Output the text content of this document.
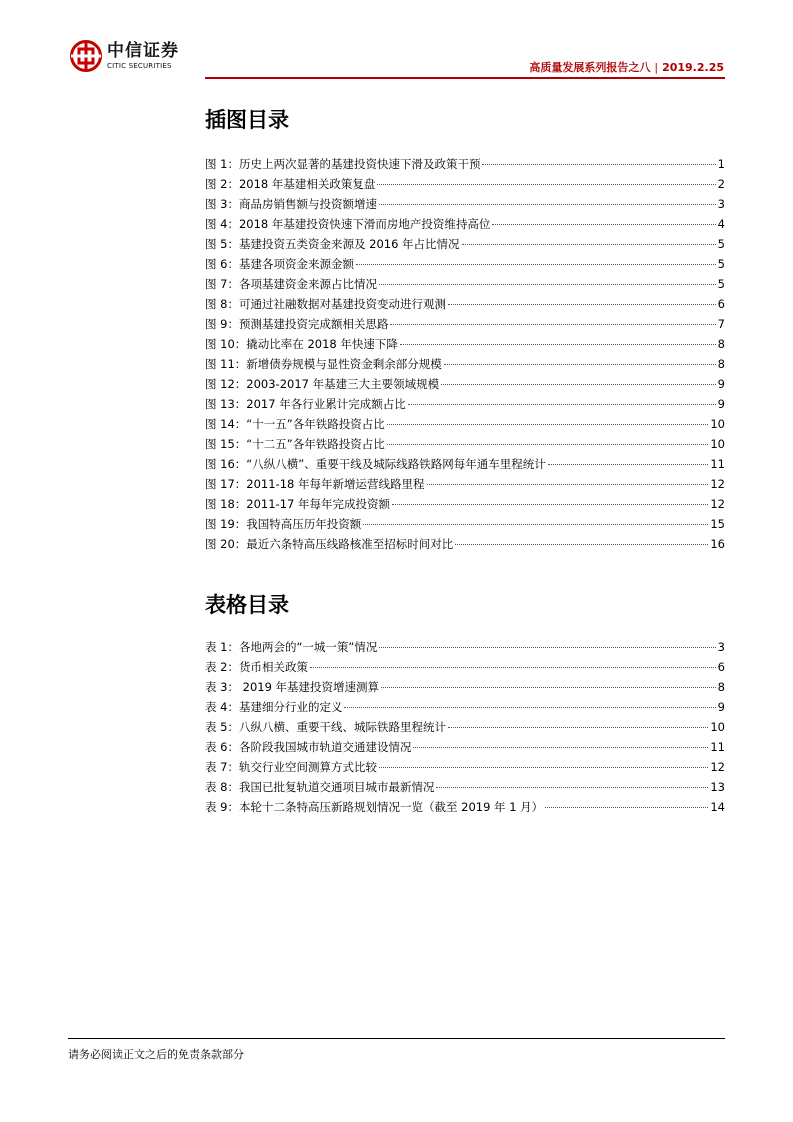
中信证券
CITIC SECURITIES	高质量发展系列报告之八 | 2019.2.25
插图目录
图 1：历史上两次显著的基建投资快速下滑及政策干预	1
图 2：2018 年基建相关政策复盘	2
图 3：商品房销售额与投资额增速	3
图 4：2018 年基建投资快速下滑而房地产投资维持高位	4
图 5：基建投资五类资金来源及 2016 年占比情况	5
图 6：基建各项资金来源金额	5
图 7：各项基建资金来源占比情况	5
图 8：可通过社融数据对基建投资变动进行观测	6
图 9：预测基建投资完成额相关思路	7
图 10：撬动比率在 2018 年快速下降	8
图 11：新增债券规模与显性资金剩余部分规模	8
图 12：2003-2017 年基建三大主要领域规模	9
图 13：2017 年各行业累计完成额占比	9
图 14：“十一五”各年铁路投资占比	10
图 15：“十二五”各年铁路投资占比	10
图 16：“八纵八横”、重要干线及城际线路铁路网每年通车里程统计	11
图 17：2011-18 年每年新增运营线路里程	12
图 18：2011-17 年每年完成投资额	12
图 19：我国特高压历年投资额	15
图 20：最近六条特高压线路核准至招标时间对比	16
表格目录
表 1：各地两会的“一城一策”情况	3
表 2：货币相关政策	6
表 3： 2019 年基建投资增速测算	8
表 4：基建细分行业的定义	9
表 5：八纵八横、重要干线、城际铁路里程统计	10
表 6：各阶段我国城市轨道交通建设情况	11
表 7：轨交行业空间测算方式比较	12
表 8：我国已批复轨道交通项目城市最新情况	13
表 9：本轮十二条特高压新路规划情况一览（截至 2019 年 1 月）	14
请务必阅读正文之后的免责条款部分
